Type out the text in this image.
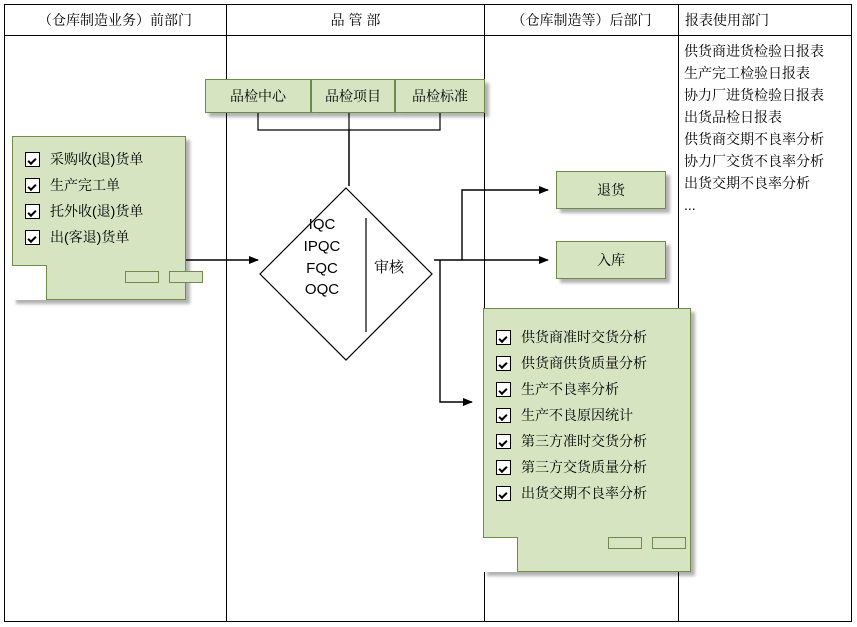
（仓库制造业务）前部门	品 管 部	（仓库制造等）后部门	报表使用部门
品检中心	品检项目 品检标准
采购收(退)货单
生产完工单
托外收(退)货单
出(客退)货单
IQC
IPQC
FQC
OQC
审核
退货
入库
供货商准时交货分析
供货商供货质量分析
生产不良率分析
生产不良原因统计
第三方准时交货分析
第三方交货质量分析
出货交期不良率分析
供货商进货检验日报表
生产完工检验日报表
协力厂进货检验日报表
出货品检日报表
供货商交期不良率分析
协力厂交货不良率分析
出货交期不良率分析
...
